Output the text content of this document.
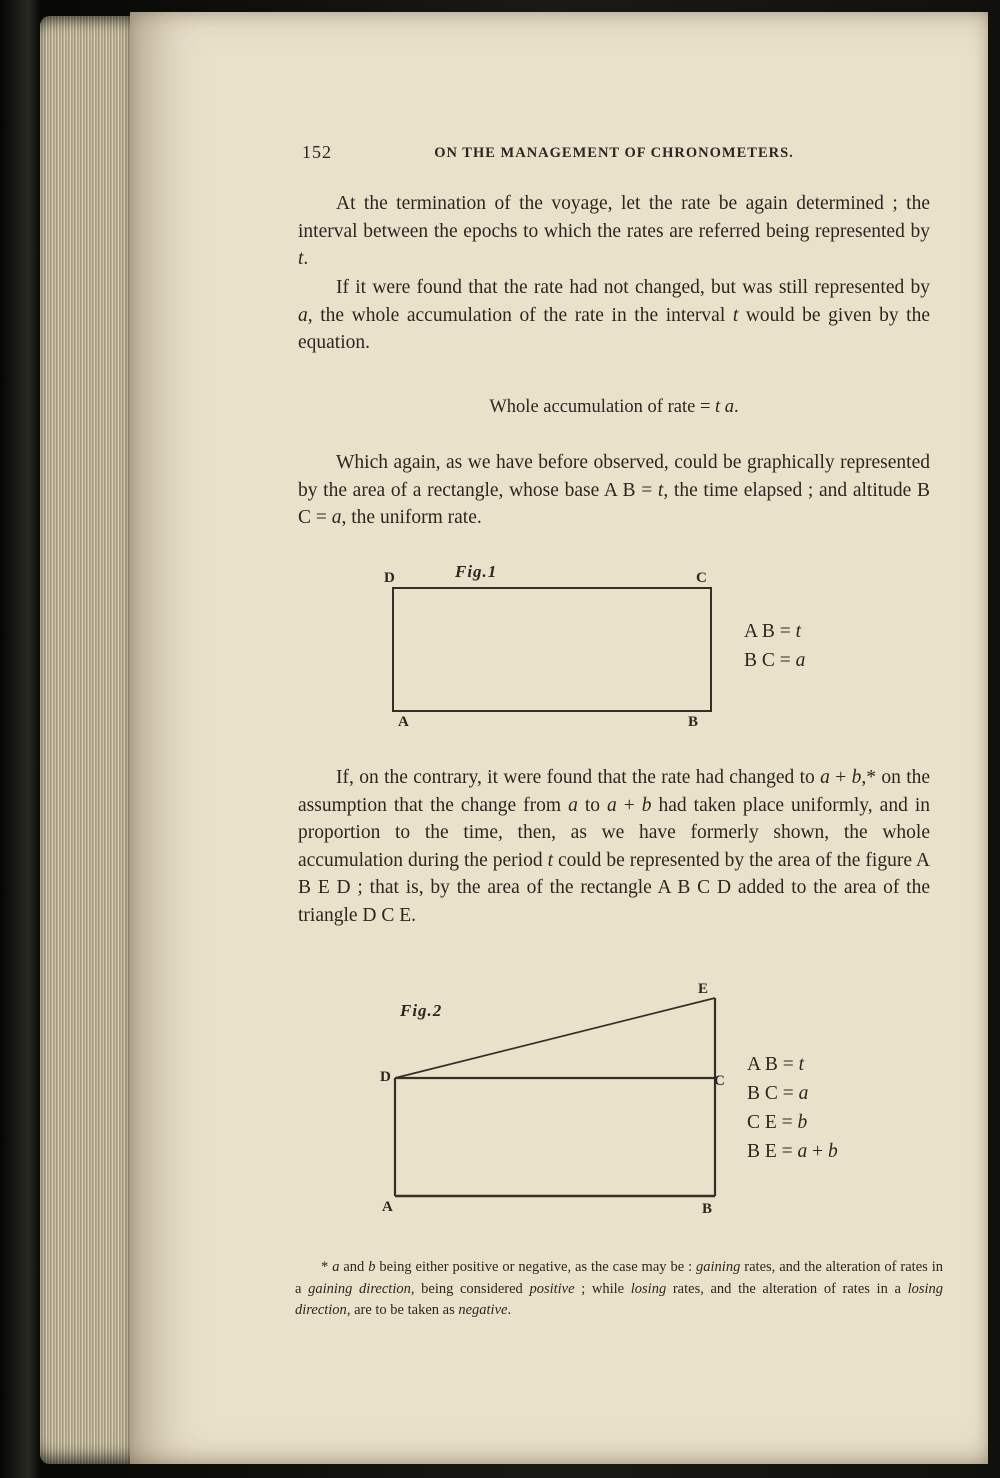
152	ON THE MANAGEMENT OF CHRONOMETERS.

At the termination of the voyage, let the rate be again determined ; the interval between the epochs to which the rates are referred being represented by t.

If it were found that the rate had not changed, but was still represented by a, the whole accumulation of the rate in the interval t would be given by the equation.

Whole accumulation of rate = t a.

Which again, as we have before observed, could be graphically represented by the area of a rectangle, whose base A B = t, the time elapsed ; and altitude B C = a, the uniform rate.

Fig.1
D	C
A	B
A B = t
B C = a

If, on the contrary, it were found that the rate had changed to a + b,* on the assumption that the change from a to a + b had taken place uniformly, and in proportion to the time, then, as we have formerly shown, the whole accumulation during the period t could be represented by the area of the figure A B E D ; that is, by the area of the rectangle A B C D added to the area of the triangle D C E.

Fig.2
E
D	C
A	B
A B = t
B C = a
C E = b
B E = a + b

* a and b being either positive or negative, as the case may be : gaining rates, and the alteration of rates in a gaining direction, being considered positive ; while losing rates, and the alteration of rates in a losing direction, are to be taken as negative.
